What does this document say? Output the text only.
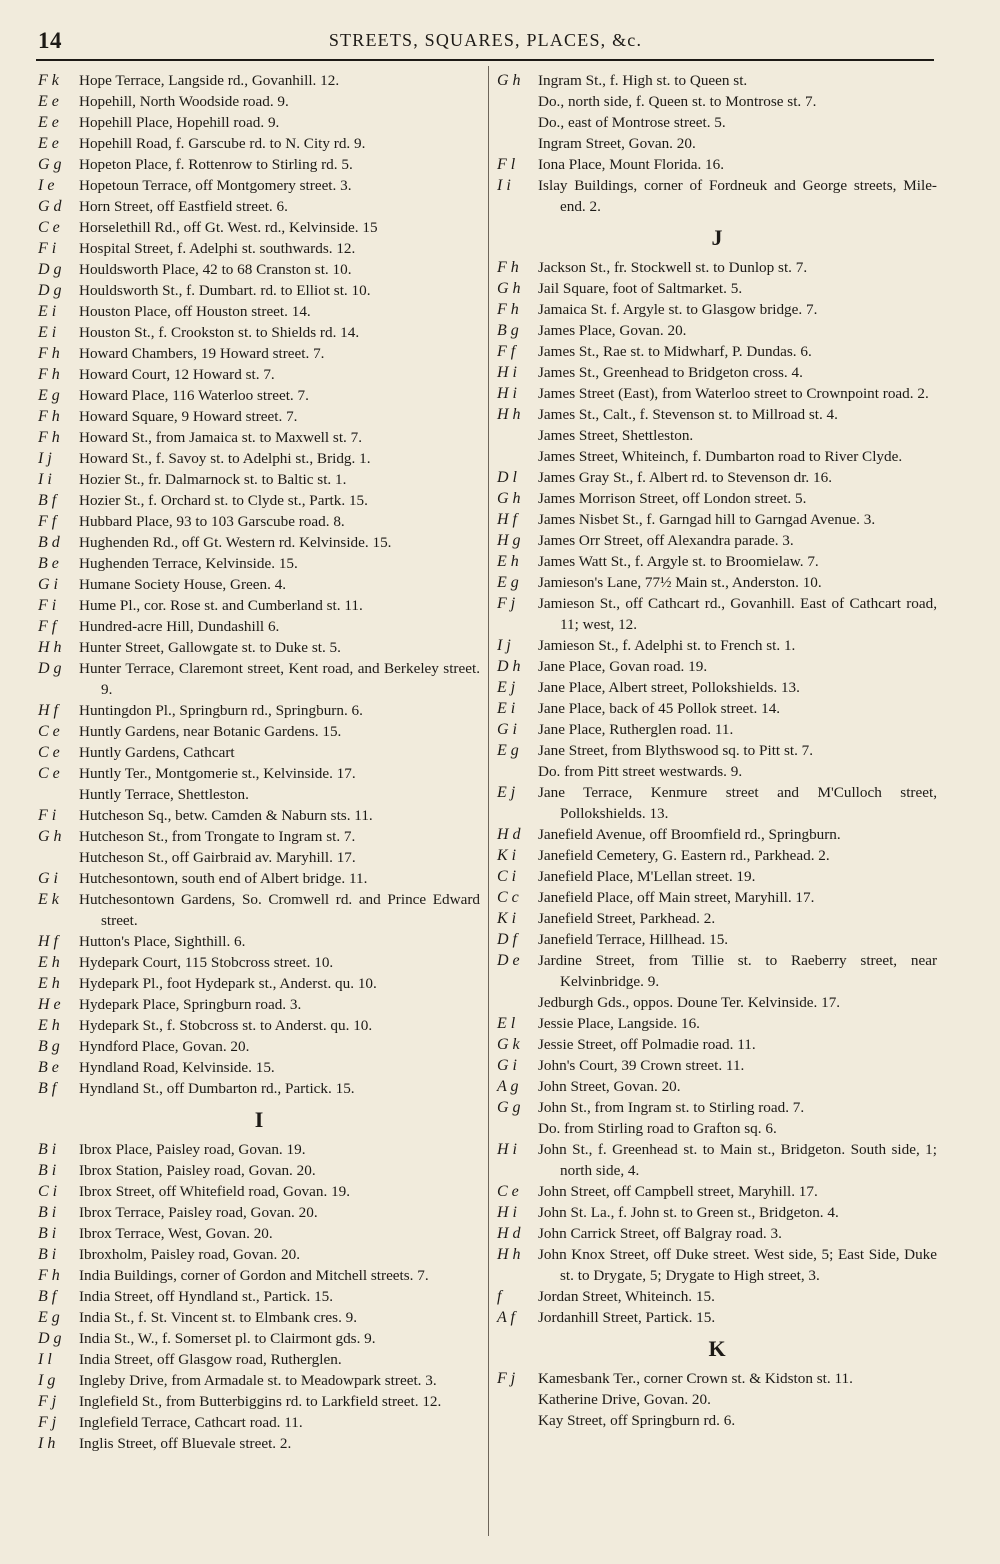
14	STREETS, SQUARES, PLACES, &c.
F k	Hope Terrace, Langside rd., Govanhill. 12.
E e	Hopehill, North Woodside road. 9.
E e	Hopehill Place, Hopehill road. 9.
E e	Hopehill Road, f. Garscube rd. to N. City rd. 9.
G g	Hopeton Place, f. Rottenrow to Stirling rd. 5.
I e	Hopetoun Terrace, off Montgomery street. 3.
G d	Horn Street, off Eastfield street. 6.
C e	Horselethill Rd., off Gt. West. rd., Kelvinside. 15
F i	Hospital Street, f. Adelphi st. southwards. 12.
D g	Houldsworth Place, 42 to 68 Cranston st. 10.
D g	Houldsworth St., f. Dumbart. rd. to Elliot st. 10.
E i	Houston Place, off Houston street. 14.
E i	Houston St., f. Crookston st. to Shields rd. 14.
F h	Howard Chambers, 19 Howard street. 7.
F h	Howard Court, 12 Howard st. 7.
E g	Howard Place, 116 Waterloo street. 7.
F h	Howard Square, 9 Howard street. 7.
F h	Howard St., from Jamaica st. to Maxwell st. 7.
I j	Howard St., f. Savoy st. to Adelphi st., Bridg. 1.
I i	Hozier St., fr. Dalmarnock st. to Baltic st. 1.
B f	Hozier St., f. Orchard st. to Clyde st., Partk. 15.
F f	Hubbard Place, 93 to 103 Garscube road. 8.
B d	Hughenden Rd., off Gt. Western rd. Kelvinside. 15.
B e	Hughenden Terrace, Kelvinside. 15.
G i	Humane Society House, Green. 4.
F i	Hume Pl., cor. Rose st. and Cumberland st. 11.
F f	Hundred-acre Hill, Dundashill 6.
H h	Hunter Street, Gallowgate st. to Duke st. 5.
D g	Hunter Terrace, Claremont street, Kent road, and Berkeley street. 9.
H f	Huntingdon Pl., Springburn rd., Springburn. 6.
C e	Huntly Gardens, near Botanic Gardens. 15.
C e	Huntly Gardens, Cathcart
C e	Huntly Ter., Montgomerie st., Kelvinside. 17.
Huntly Terrace, Shettleston.
F i	Hutcheson Sq., betw. Camden & Naburn sts. 11.
G h	Hutcheson St., from Trongate to Ingram st. 7.
Hutcheson St., off Gairbraid av. Maryhill. 17.
G i	Hutchesontown, south end of Albert bridge. 11.
E k	Hutchesontown Gardens, So. Cromwell rd. and Prince Edward street.
H f	Hutton's Place, Sighthill. 6.
E h	Hydepark Court, 115 Stobcross street. 10.
E h	Hydepark Pl., foot Hydepark st., Anderst. qu. 10.
H e	Hydepark Place, Springburn road. 3.
E h	Hydepark St., f. Stobcross st. to Anderst. qu. 10.
B g	Hyndford Place, Govan. 20.
B e	Hyndland Road, Kelvinside. 15.
B f	Hyndland St., off Dumbarton rd., Partick. 15.
I
B i	Ibrox Place, Paisley road, Govan. 19.
B i	Ibrox Station, Paisley road, Govan. 20.
C i	Ibrox Street, off Whitefield road, Govan. 19.
B i	Ibrox Terrace, Paisley road, Govan. 20.
B i	Ibrox Terrace, West, Govan. 20.
B i	Ibroxholm, Paisley road, Govan. 20.
F h	India Buildings, corner of Gordon and Mitchell streets. 7.
B f	India Street, off Hyndland st., Partick. 15.
E g	India St., f. St. Vincent st. to Elmbank cres. 9.
D g	India St., W., f. Somerset pl. to Clairmont gds. 9.
I l	India Street, off Glasgow road, Rutherglen.
I g	Ingleby Drive, from Armadale st. to Meadowpark street. 3.
F j	Inglefield St., from Butterbiggins rd. to Larkfield street. 12.
F j	Inglefield Terrace, Cathcart road. 11.
I h	Inglis Street, off Bluevale street. 2.
G h	Ingram St., f. High st. to Queen st.
Do., north side, f. Queen st. to Montrose st. 7.
Do., east of Montrose street. 5.
Ingram Street, Govan. 20.
F l	Iona Place, Mount Florida. 16.
I i	Islay Buildings, corner of Fordneuk and George streets, Mile-end. 2.
J
F h	Jackson St., fr. Stockwell st. to Dunlop st. 7.
G h	Jail Square, foot of Saltmarket. 5.
F h	Jamaica St. f. Argyle st. to Glasgow bridge. 7.
B g	James Place, Govan. 20.
F f	James St., Rae st. to Midwharf, P. Dundas. 6.
H i	James St., Greenhead to Bridgeton cross. 4.
H i	James Street (East), from Waterloo street to Crownpoint road. 2.
H h	James St., Calt., f. Stevenson st. to Millroad st. 4.
James Street, Shettleston.
James Street, Whiteinch, f. Dumbarton road to River Clyde.
D l	James Gray St., f. Albert rd. to Stevenson dr. 16.
G h	James Morrison Street, off London street. 5.
H f	James Nisbet St., f. Garngad hill to Garngad Avenue. 3.
H g	James Orr Street, off Alexandra parade. 3.
E h	James Watt St., f. Argyle st. to Broomielaw. 7.
E g	Jamieson's Lane, 77½ Main st., Anderston. 10.
F j	Jamieson St., off Cathcart rd., Govanhill. East of Cathcart road, 11; west, 12.
I j	Jamieson St., f. Adelphi st. to French st. 1.
D h	Jane Place, Govan road. 19.
E j	Jane Place, Albert street, Pollokshields. 13.
E i	Jane Place, back of 45 Pollok street. 14.
G i	Jane Place, Rutherglen road. 11.
E g	Jane Street, from Blythswood sq. to Pitt st. 7.
Do. from Pitt street westwards. 9.
E j	Jane Terrace, Kenmure street and M'Culloch street, Pollokshields. 13.
H d	Janefield Avenue, off Broomfield rd., Springburn.
K i	Janefield Cemetery, G. Eastern rd., Parkhead. 2.
C i	Janefield Place, M'Lellan street. 19.
C c	Janefield Place, off Main street, Maryhill. 17.
K i	Janefield Street, Parkhead. 2.
D f	Janefield Terrace, Hillhead. 15.
D e	Jardine Street, from Tillie st. to Raeberry street, near Kelvinbridge. 9.
Jedburgh Gds., oppos. Doune Ter. Kelvinside. 17.
E l	Jessie Place, Langside. 16.
G k	Jessie Street, off Polmadie road. 11.
G i	John's Court, 39 Crown street. 11.
A g	John Street, Govan. 20.
G g	John St., from Ingram st. to Stirling road. 7.
Do. from Stirling road to Grafton sq. 6.
H i	John St., f. Greenhead st. to Main st., Bridgeton. South side, 1; north side, 4.
C e	John Street, off Campbell street, Maryhill. 17.
H i	John St. La., f. John st. to Green st., Bridgeton. 4.
H d	John Carrick Street, off Balgray road. 3.
H h	John Knox Street, off Duke street. West side, 5; East Side, Duke st. to Drygate, 5; Drygate to High street, 3.
f	Jordan Street, Whiteinch. 15.
A f	Jordanhill Street, Partick. 15.
K
F j	Kamesbank Ter., corner Crown st. & Kidston st. 11.
Katherine Drive, Govan. 20.
Kay Street, off Springburn rd. 6.
